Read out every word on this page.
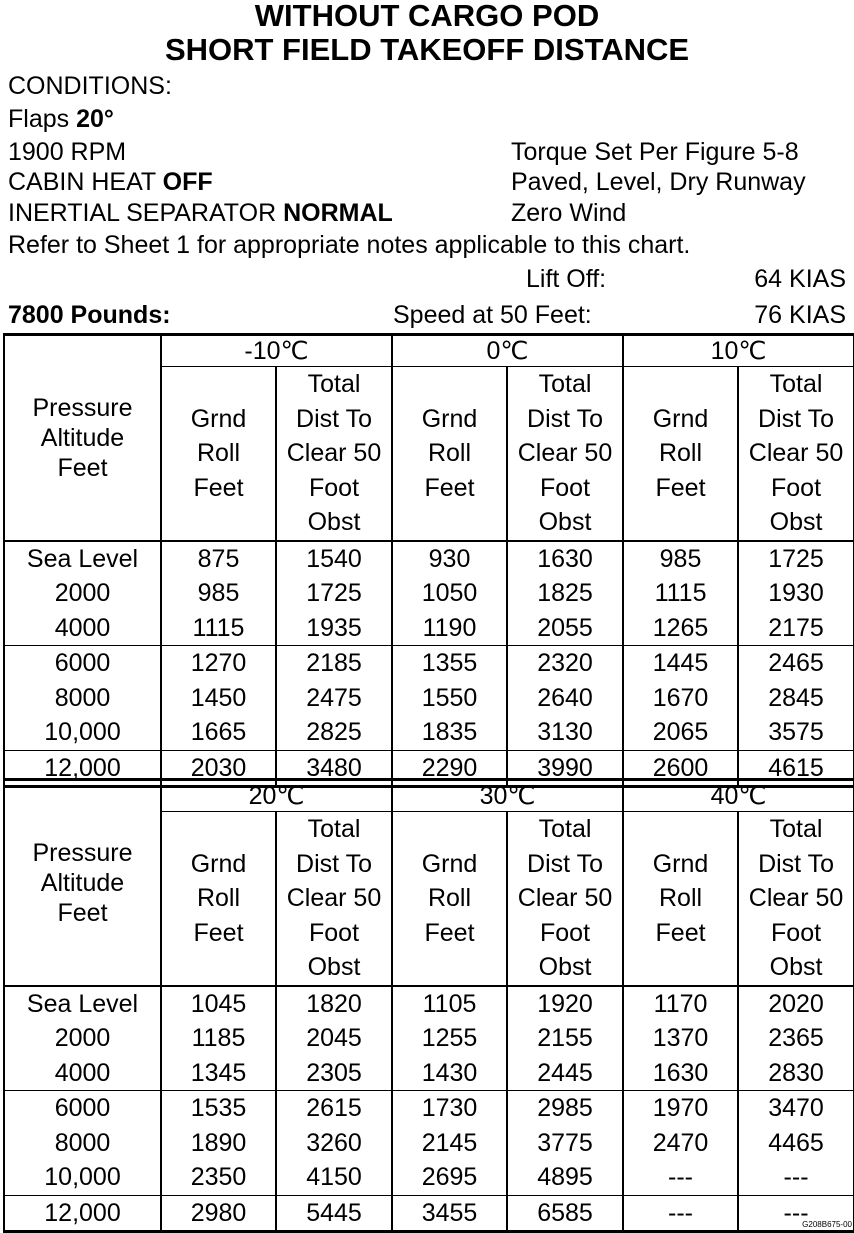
WITHOUT CARGO POD
SHORT FIELD TAKEOFF DISTANCE
CONDITIONS:
Flaps 20°
1900 RPM
CABIN HEAT OFF
INERTIAL SEPARATOR NORMAL
Torque Set Per Figure 5-8
Paved, Level, Dry Runway
Zero Wind
Refer to Sheet 1 for appropriate notes applicable to this chart.
Lift Off:	64 KIAS
7800 Pounds:	Speed at 50 Feet:	76 KIAS
Pressure
Altitude
Feet	-10℃		0℃		10℃	

	Grnd
Roll
Feet	Total
Dist To
Clear 50
Foot
Obst	Grnd
Roll
Feet	Total
Dist To
Clear 50
Foot
Obst	Grnd
Roll
Feet	Total
Dist To
Clear 50
Foot
Obst

Sea Level	875	1540	930	1630	985	1725
2000	985	1725	1050	1825	1115	1930
4000	1115	1935	1190	2055	1265	2175
6000	1270	2185	1355	2320	1445	2465
8000	1450	2475	1550	2640	1670	2845
10,000	1665	2825	1835	3130	2065	3575
12,000	2030	3480	2290	3990	2600	4615
Pressure
Altitude
Feet	20℃		30℃		40℃	

	Grnd
Roll
Feet	Total
Dist To
Clear 50
Foot
Obst	Grnd
Roll
Feet	Total
Dist To
Clear 50
Foot
Obst	Grnd
Roll
Feet	Total
Dist To
Clear 50
Foot
Obst

Sea Level	1045	1820	1105	1920	1170	2020
2000	1185	2045	1255	2155	1370	2365
4000	1345	2305	1430	2445	1630	2830
6000	1535	2615	1730	2985	1970	3470
8000	1890	3260	2145	3775	2470	4465
10,000	2350	4150	2695	4895	---	---
12,000	2980	5445	3455	6585	---	---
G208B675-00
